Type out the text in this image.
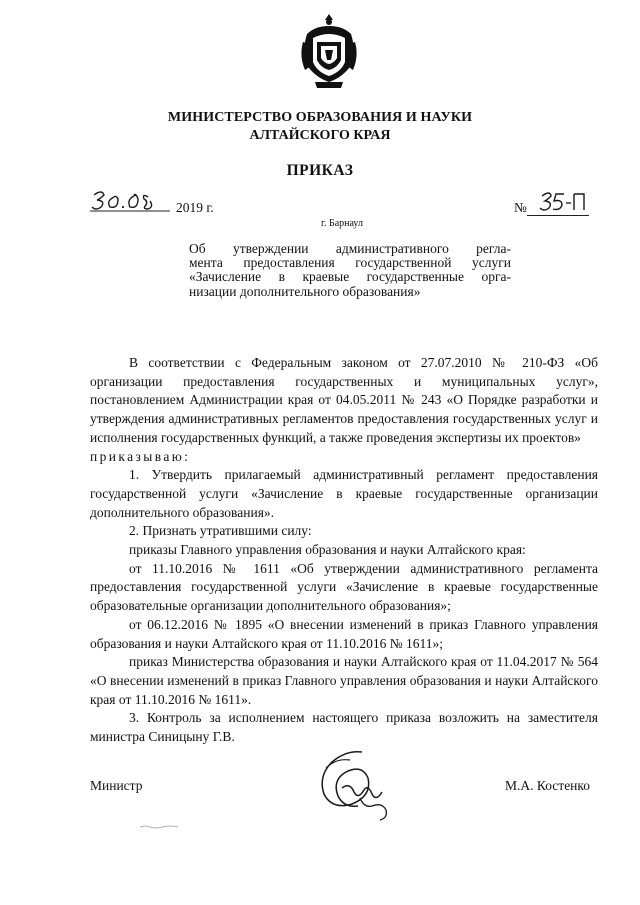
МИНИСТЕРСТВО ОБРАЗОВАНИЯ И НАУКИ
АЛТАЙСКОГО КРАЯ
ПРИКАЗ
2019 г.	№
г. Барнаул
Об утверждении административного регла-
мента предоставления государственной услуги
«Зачисление в краевые государственные орга-
низации дополнительного образования»

В соответствии с Федеральным законом от 27.07.2010 № 210-ФЗ «Об организации предоставления государственных и муниципальных услуг», постановлением Администрации края от 04.05.2011 № 243 «О Порядке разработки и утверждения административных регламентов предоставления государственных услуг и исполнения государственных функций, а также проведения экспертизы их проектов»

приказываю:

1. Утвердить прилагаемый административный регламент предоставления государственной услуги «Зачисление в краевые государственные организации дополнительного образования».

2. Признать утратившими силу:

приказы Главного управления образования и науки Алтайского края:

от 11.10.2016 № 1611 «Об утверждении административного регламента предоставления государственной услуги «Зачисление в краевые государственные образовательные организации дополнительного образования»;

от 06.12.2016 № 1895 «О внесении изменений в приказ Главного управления образования и науки Алтайского края от 11.10.2016 № 1611»;

приказ Министерства образования и науки Алтайского края от 11.04.2017 № 564 «О внесении изменений в приказ Главного управления образования и науки Алтайского края от 11.10.2016 № 1611».

3. Контроль за исполнением настоящего приказа возложить на заместителя министра Синицыну Г.В.

Министр	М.А. Костенко
